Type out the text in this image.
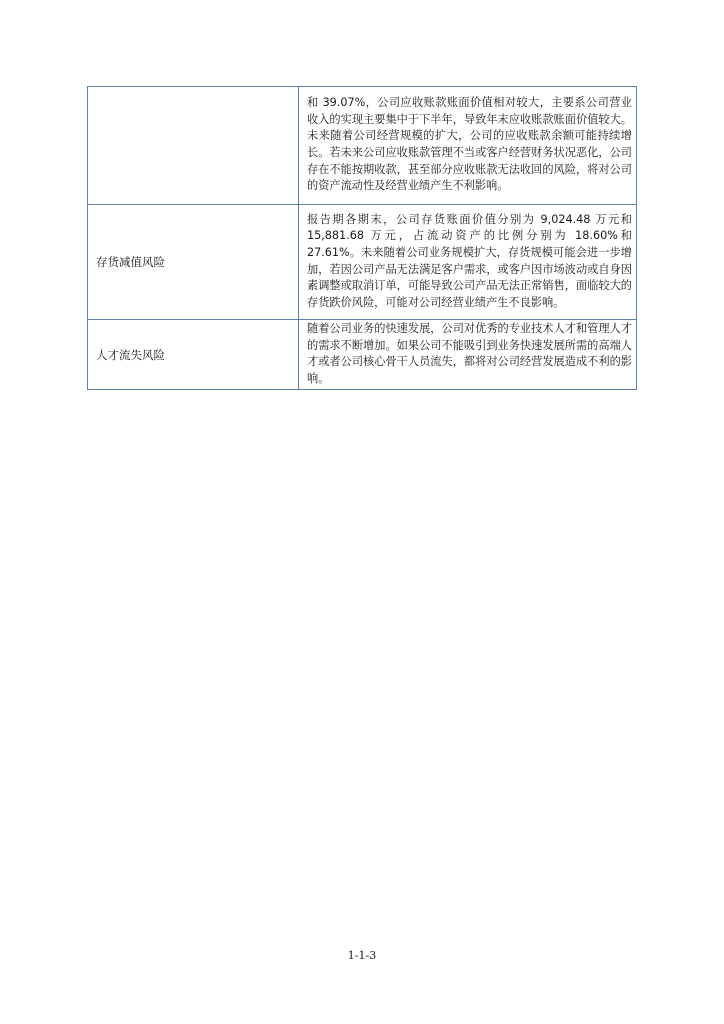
	和 39.07%，公司应收账款账面价值相对较大，主要系公司营业收入的实现主要集中于下半年，导致年末应收账款账面价值较大。未来随着公司经营规模的扩大，公司的应收账款余额可能持续增长。若未来公司应收账款管理不当或客户经营财务状况恶化，公司存在不能按期收款，甚至部分应收账款无法收回的风险，将对公司的资产流动性及经营业绩产生不利影响。

存货减值风险	报告期各期末，公司存货账面价值分别为 9,024.48 万元和 15,881.68 万元，占流动资产的比例分别为 18.60%和 27.61%。未来随着公司业务规模扩大，存货规模可能会进一步增加，若因公司产品无法满足客户需求，或客户因市场波动或自身因素调整或取消订单，可能导致公司产品无法正常销售，面临较大的存货跌价风险，可能对公司经营业绩产生不良影响。

人才流失风险	随着公司业务的快速发展，公司对优秀的专业技术人才和管理人才的需求不断增加。如果公司不能吸引到业务快速发展所需的高端人才或者公司核心骨干人员流失，都将对公司经营发展造成不利的影响。

1-1-3
